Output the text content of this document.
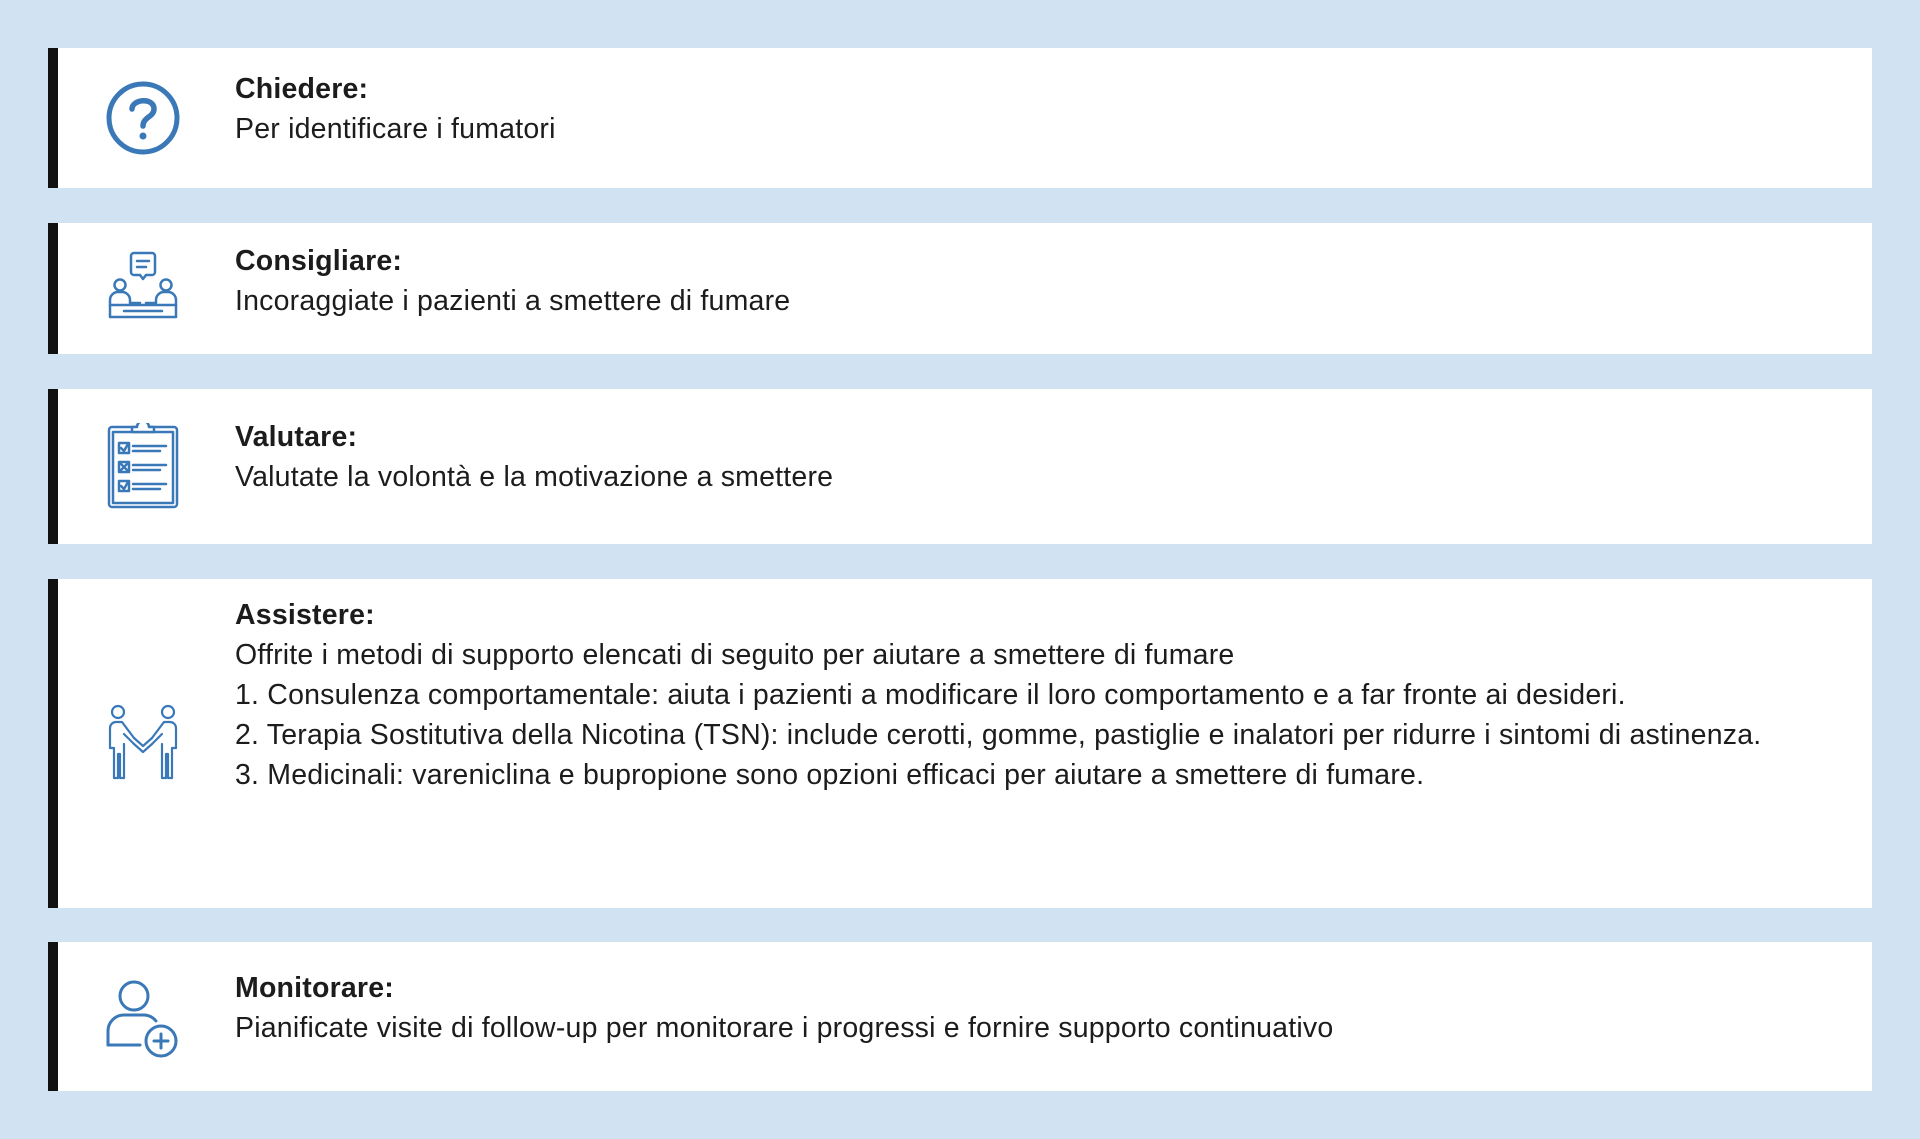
Chiedere:
Per identificare i fumatori
Consigliare:
Incoraggiate i pazienti a smettere di fumare
Valutare:
Valutate la volontà e la motivazione a smettere
Assistere:
Offrite i metodi di supporto elencati di seguito per aiutare a smettere di fumare
1. Consulenza comportamentale: aiuta i pazienti a modificare il loro comportamento e a far fronte ai desideri.
2. Terapia Sostitutiva della Nicotina (TSN): include cerotti, gomme, pastiglie e inalatori per ridurre i sintomi di astinenza.
3. Medicinali: vareniclina e bupropione sono opzioni efficaci per aiutare a smettere di fumare.
Monitorare:
Pianificate visite di follow-up per monitorare i progressi e fornire supporto continuativo
